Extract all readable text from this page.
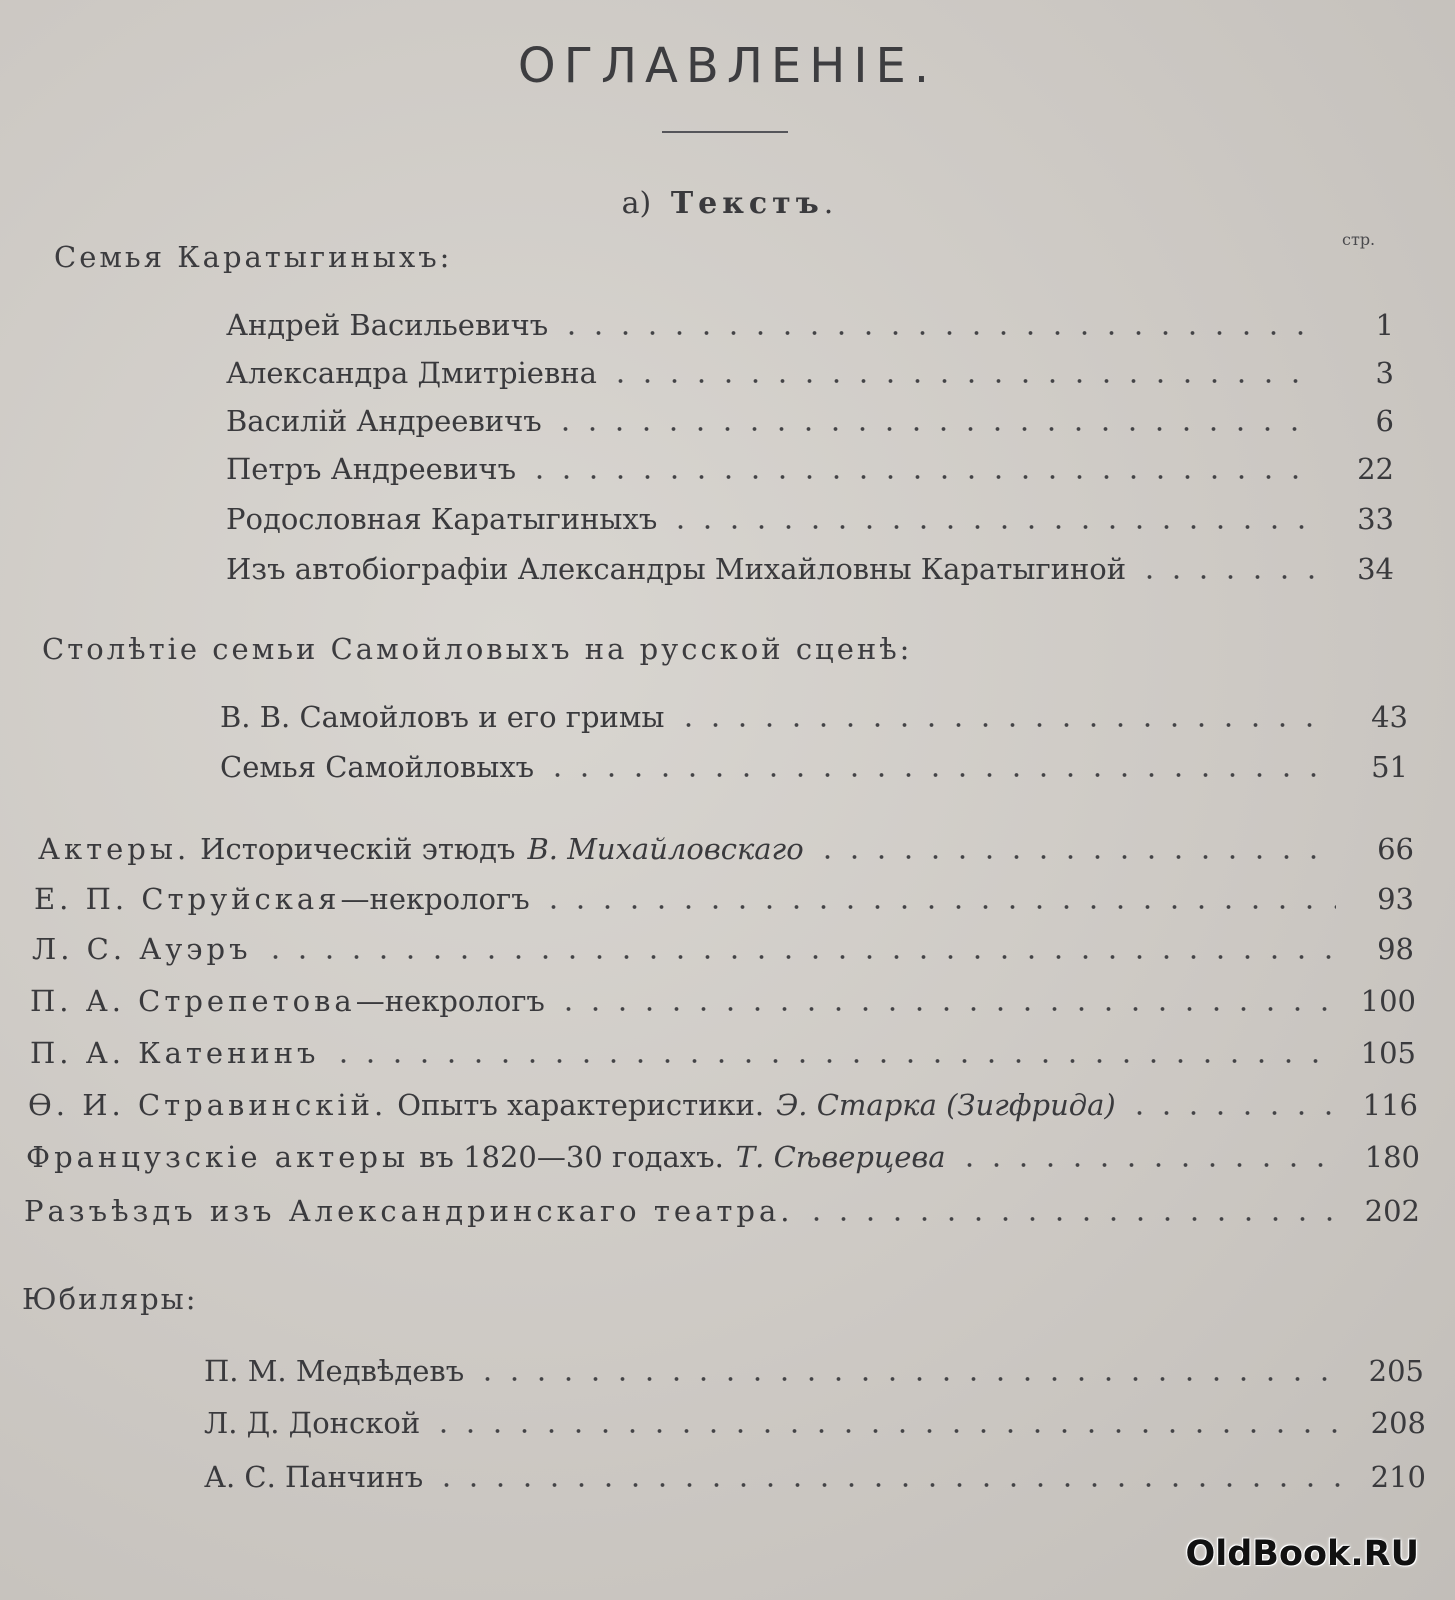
ОГЛАВЛЕНІЕ.
а) Текстъ.
стр.
Семья Каратыгиныхъ:
Андрей Васильевичъ	1
Александра Дмитріевна	3
Василій Андреевичъ	6
Петръ Андреевичъ	22
Родословная Каратыгиныхъ	33
Изъ автобіографіи Александры Михайловны Каратыгиной	34
Столѣтіе семьи Самойловыхъ на русской сценѣ:
В. В. Самойловъ и его гримы	43
Семья Самойловыхъ	51
Актеры. Историческій этюдъ В. Михайловскаго	66
Е. П. Струйская —некрологъ	93
Л. С. Ауэръ	98
П. А. Стрепетова —некрологъ	100
П. А. Катенинъ	105
Ѳ. И. Стравинскій. Опытъ характеристики. Э. Старка (Зигфрида)	116
Французскіе актеры въ 1820—30 годахъ. Т. Сѣверцева	180
Разъѣздъ изъ Александринскаго театра.	202
Юбиляры:
П. М. Медвѣдевъ	205
Л. Д. Донской	208
А. С. Панчинъ	210
OldBook.RU
